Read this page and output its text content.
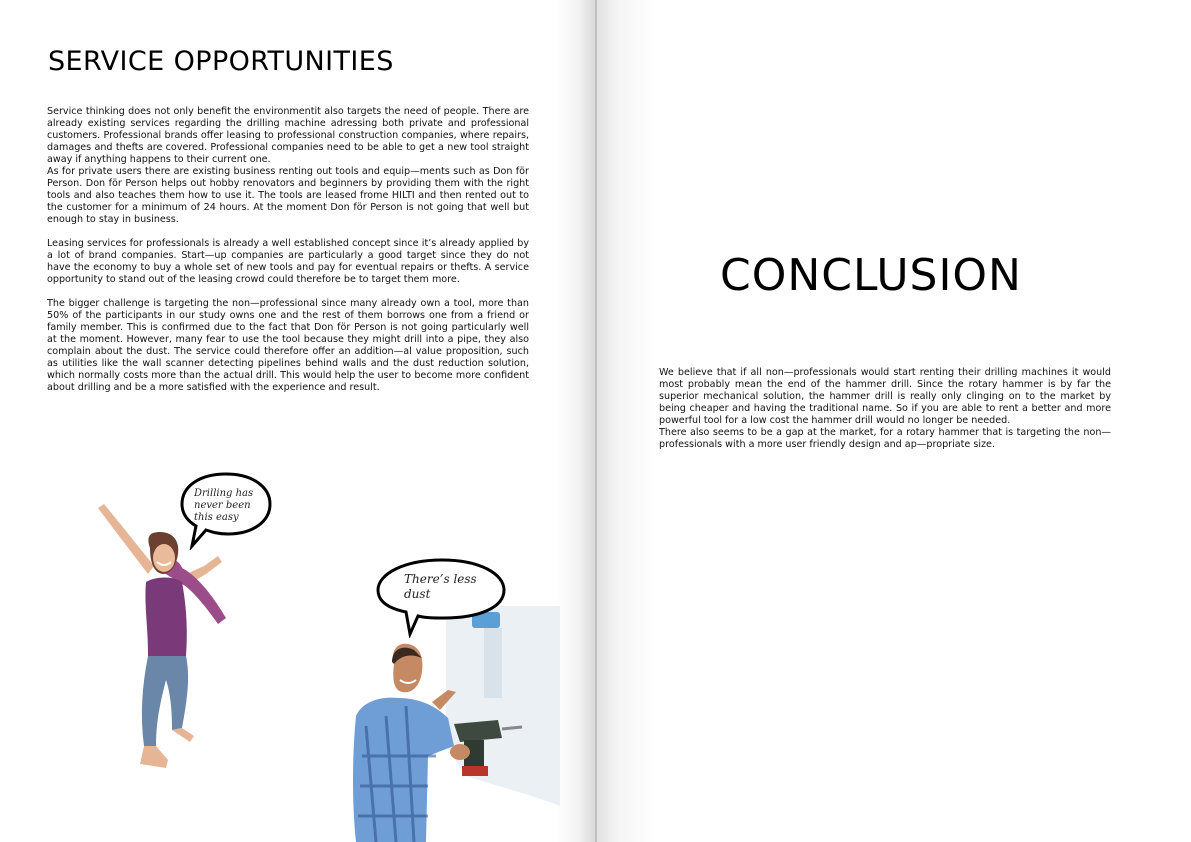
SERVICE OPPORTUNITIES

Service thinking does not only benefit the environmentit also targets the need of people. There are already existing services regarding the drilling machine adressing both private and professional customers. Professional brands offer leasing to professional construction companies, where repairs, damages and thefts are covered. Professional companies need to be able to get a new tool straight away if anything happens to their current one.

As for private users there are existing business renting out tools and equip—ments such as Don för Person. Don för Person helps out hobby renovators and beginners by providing them with the right tools and also teaches them how to use it. The tools are leased frome HILTI and then rented out to the customer for a minimum of 24 hours. At the moment Don för Person is not going that well but enough to stay in business.

Leasing services for professionals is already a well established concept since it’s already applied by a lot of brand companies. Start—up companies are particularly a good target since they do not have the economy to buy a whole set of new tools and pay for eventual repairs or thefts. A service opportunity to stand out of the leasing crowd could therefore be to target them more.

The bigger challenge is targeting the non—professional since many already own a tool, more than 50% of the participants in our study owns one and the rest of them borrows one from a friend or family member. This is confirmed due to the fact that Don för Person is not going particularly well at the moment. However, many fear to use the tool because they might drill into a pipe, they also complain about the dust. The service could therefore offer an addition—al value proposition, such as utilities like the wall scanner detecting pipelines behind walls and the dust reduction solution, which normally costs more than the actual drill. This would help the user to become more confident about drilling and be a more satisfied with the experience and result.

Drilling has never been this easy
There’s less dust
CONCLUSION

We believe that if all non—professionals would start renting their drilling machines it would most probably mean the end of the hammer drill. Since the rotary hammer is by far the superior mechanical solution, the hammer drill is really only clinging on to the market by being cheaper and having the traditional name. So if you are able to rent a better and more powerful tool for a low cost the hammer drill would no longer be needed.

There also seems to be a gap at the market, for a rotary hammer that is targeting the non—professionals with a more user friendly design and ap—propriate size.
